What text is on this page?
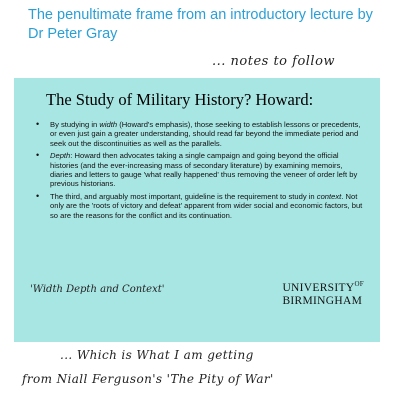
The penultimate frame from an introductory lecture by Dr Peter Gray
... notes to follow
The Study of Military History? Howard:
• By studying in width (Howard's emphasis), those seeking to establish lessons or precedents, or even just gain a greater understanding, should read far beyond the immediate period and seek out the discontinuities as well as the parallels.
• Depth: Howard then advocates taking a single campaign and going beyond the official histories (and the ever-increasing mass of secondary literature) by examining memoirs, diaries and letters to gauge 'what really happened' thus removing the veneer of order left by previous historians.
• The third, and arguably most important, guideline is the requirement to study in context. Not only are the 'roots of victory and defeat' apparent from wider social and economic factors, but so are the reasons for the conflict and its continuation.
'Width Depth and Context'	$UNIVERSITY^{OF}$
BIRMINGHAM
... Which is What I am getting
from Niall Ferguson's 'The Pity of War'
